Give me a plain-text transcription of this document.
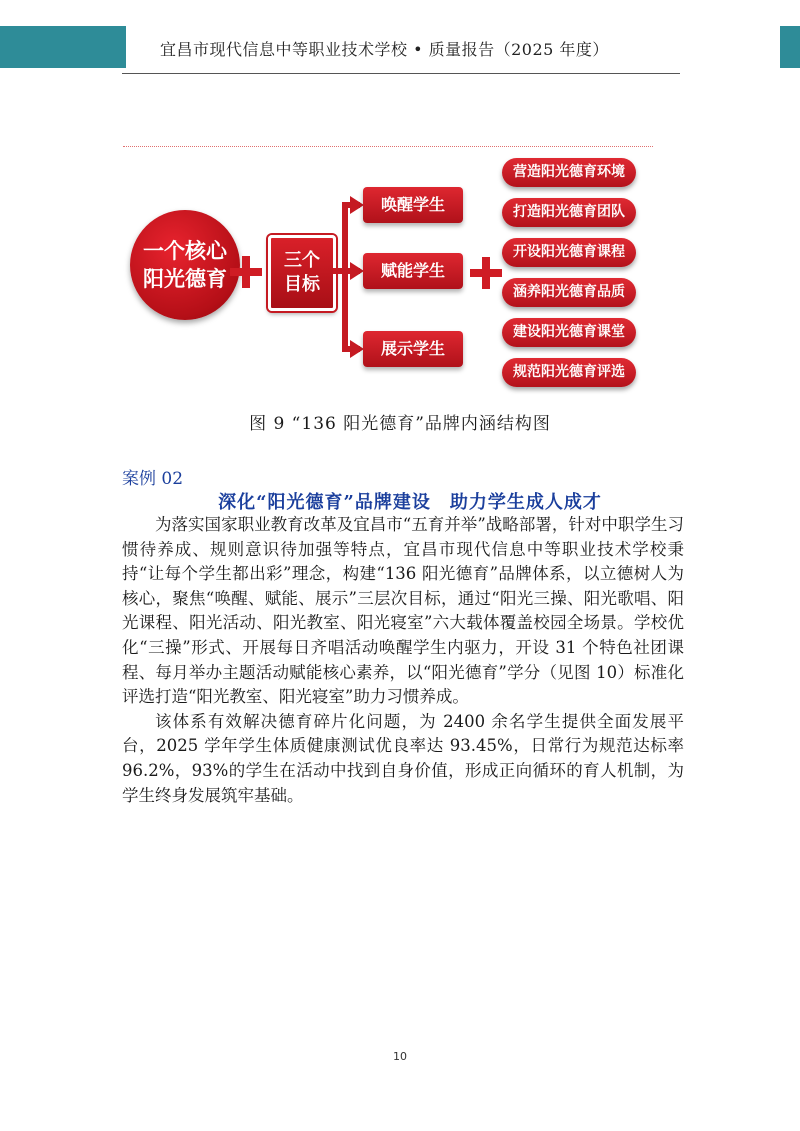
宜昌市现代信息中等职业技术学校 • 质量报告（2025 年度）
一个核心
阳光德育
三个
目标
唤醒学生
赋能学生
展示学生
营造阳光德育环境
打造阳光德育团队
开设阳光德育课程
涵养阳光德育品质
建设阳光德育课堂
规范阳光德育评选
图 9 “136 阳光德育”品牌内涵结构图
案例 02
深化“阳光德育”品牌建设　助力学生成人成才

为落实国家职业教育改革及宜昌市“五育并举”战略部署，针对中职学生习惯待养成、规则意识待加强等特点，宜昌市现代信息中等职业技术学校秉持“让每个学生都出彩”理念，构建“136 阳光德育”品牌体系，以立德树人为核心，聚焦“唤醒、赋能、展示”三层次目标，通过“阳光三操、阳光歌唱、阳光课程、阳光活动、阳光教室、阳光寝室”六大载体覆盖校园全场景。学校优化“三操”形式、开展每日齐唱活动唤醒学生内驱力，开设 31 个特色社团课程、每月举办主题活动赋能核心素养，以“阳光德育”学分（见图 10）标准化评选打造“阳光教室、阳光寝室”助力习惯养成。

该体系有效解决德育碎片化问题，为 2400 余名学生提供全面发展平台，2025 学年学生体质健康测试优良率达 93.45%，日常行为规范达标率 96.2%，93%的学生在活动中找到自身价值，形成正向循环的育人机制，为学生终身发展筑牢基础。

10
